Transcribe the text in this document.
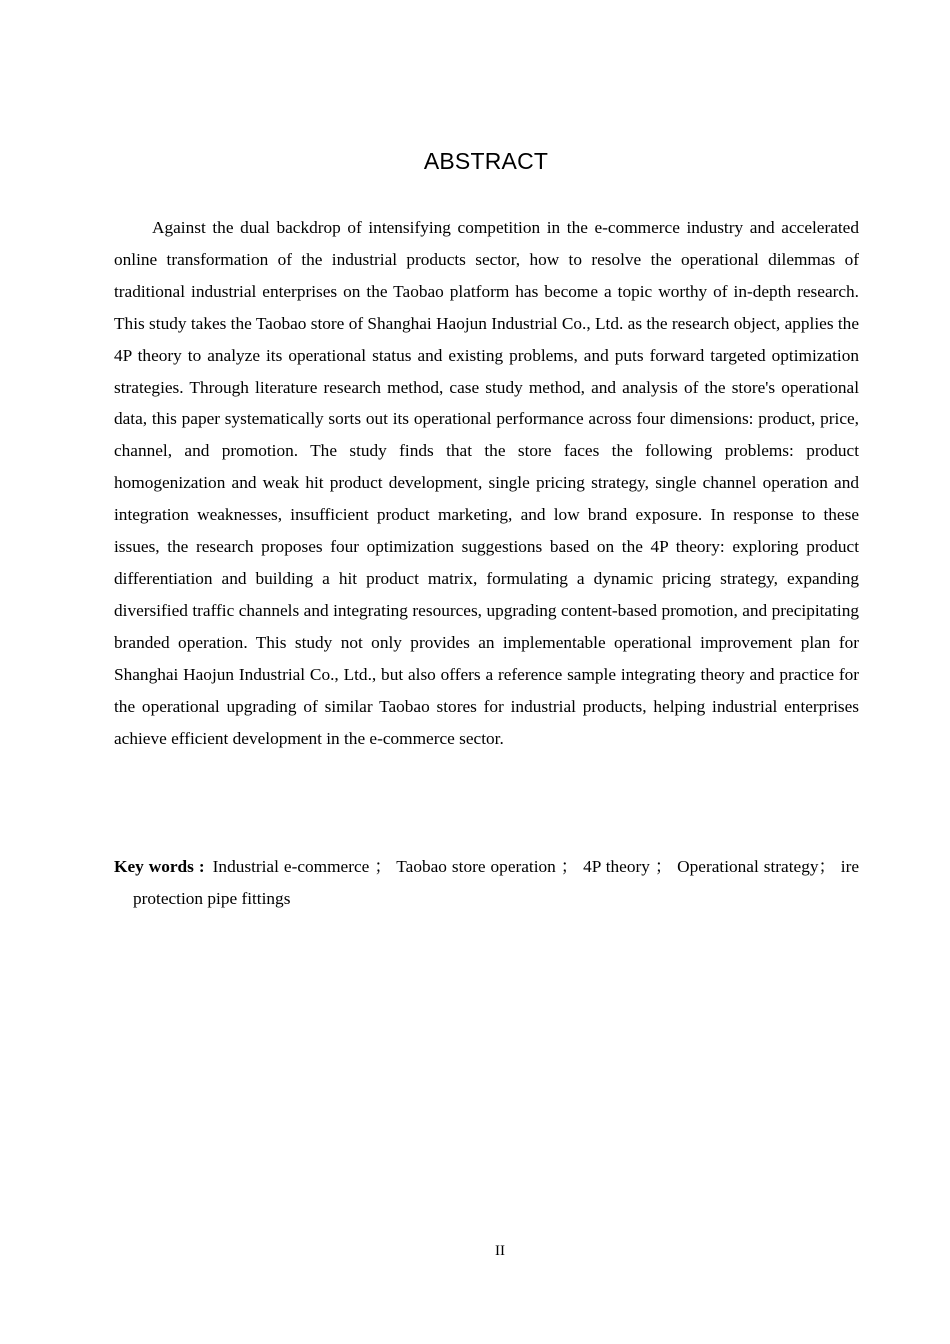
ABSTRACT

Against the dual backdrop of intensifying competition in the e-commerce industry and accelerated online transformation of the industrial products sector, how to resolve the operational dilemmas of traditional industrial enterprises on the Taobao platform has become a topic worthy of in-depth research. This study takes the Taobao store of Shanghai Haojun Industrial Co., Ltd. as the research object, applies the 4P theory to analyze its operational status and existing problems, and puts forward targeted optimization strategies. Through literature research method, case study method, and analysis of the store's operational data, this paper systematically sorts out its operational performance across four dimensions: product, price, channel, and promotion. The study finds that the store faces the following problems: product homogenization and weak hit product development, single pricing strategy, single channel operation and integration weaknesses, insufficient product marketing, and low brand exposure. In response to these issues, the research proposes four optimization suggestions based on the 4P theory: exploring product differentiation and building a hit product matrix, formulating a dynamic pricing strategy, expanding diversified traffic channels and integrating resources, upgrading content-based promotion, and precipitating branded operation. This study not only provides an implementable operational improvement plan for Shanghai Haojun Industrial Co., Ltd., but also offers a reference sample integrating theory and practice for the operational upgrading of similar Taobao stores for industrial products, helping industrial enterprises achieve efficient development in the e-commerce sector.

Key words : Industrial e-commerce ； Taobao store operation ； 4P theory ； Operational strategy； ire protection pipe fittings

II
